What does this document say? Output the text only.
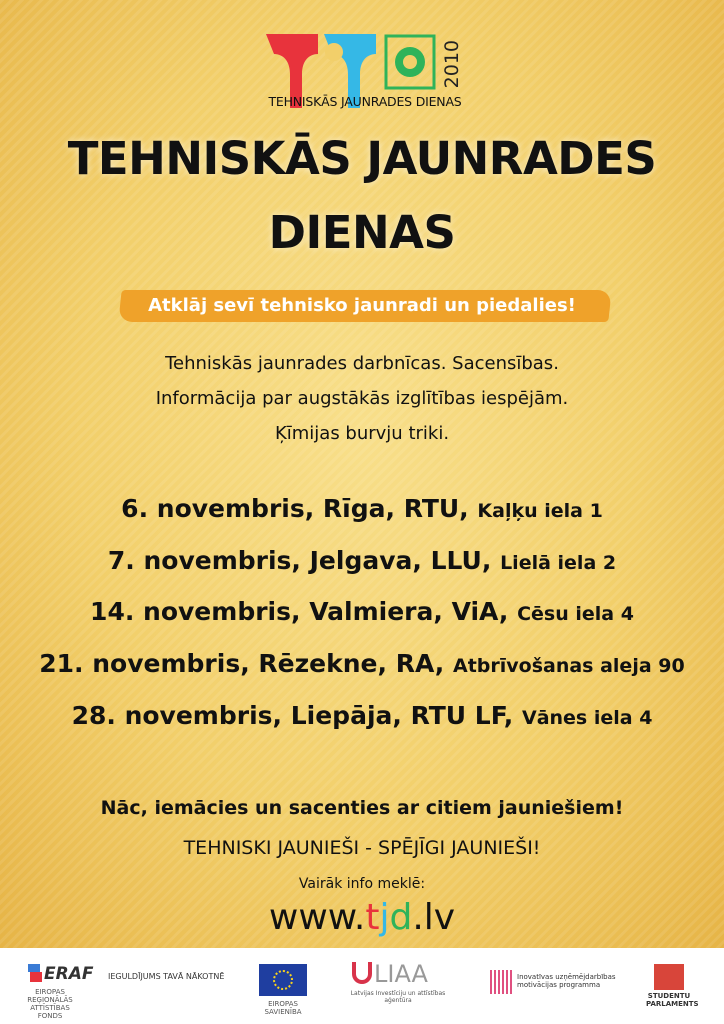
2010
TEHNISKĀS JAUNRADES DIENAS
TEHNISKĀS JAUNRADES
DIENAS
Atklāj sevī tehnisko jaunradi un piedalies!
Tehniskās jaunrades darbnīcas. Sacensības.
Informācija par augstākās izglītības iespējām.
Ķīmijas burvju triki.
6. novembris, Rīga, RTU, Kaļķu iela 1
7. novembris, Jelgava, LLU, Lielā iela 2
14. novembris, Valmiera, ViA, Cēsu iela 4
21. novembris, Rēzekne, RA, Atbrīvošanas aleja 90
28. novembris, Liepāja, RTU LF, Vānes iela 4
Nāc, iemācies un sacenties ar citiem jauniešiem!
TEHNISKI JAUNIEŠI - SPĒJĪGI JAUNIEŠI!
Vairāk info meklē:
www.tjd.lv
ERAF
EIROPAS REĢIONĀLĀS ATTĪSTĪBAS FONDS
IEGULDĪJUMS TAVĀ NĀKOTNĒ
EIROPAS SAVIENĪBA
LIAA
Latvijas Investīciju un attīstības aģentūra
Inovatīvas uzņēmējdarbības motivācijas programma
STUDENTU PARLAMENTS
